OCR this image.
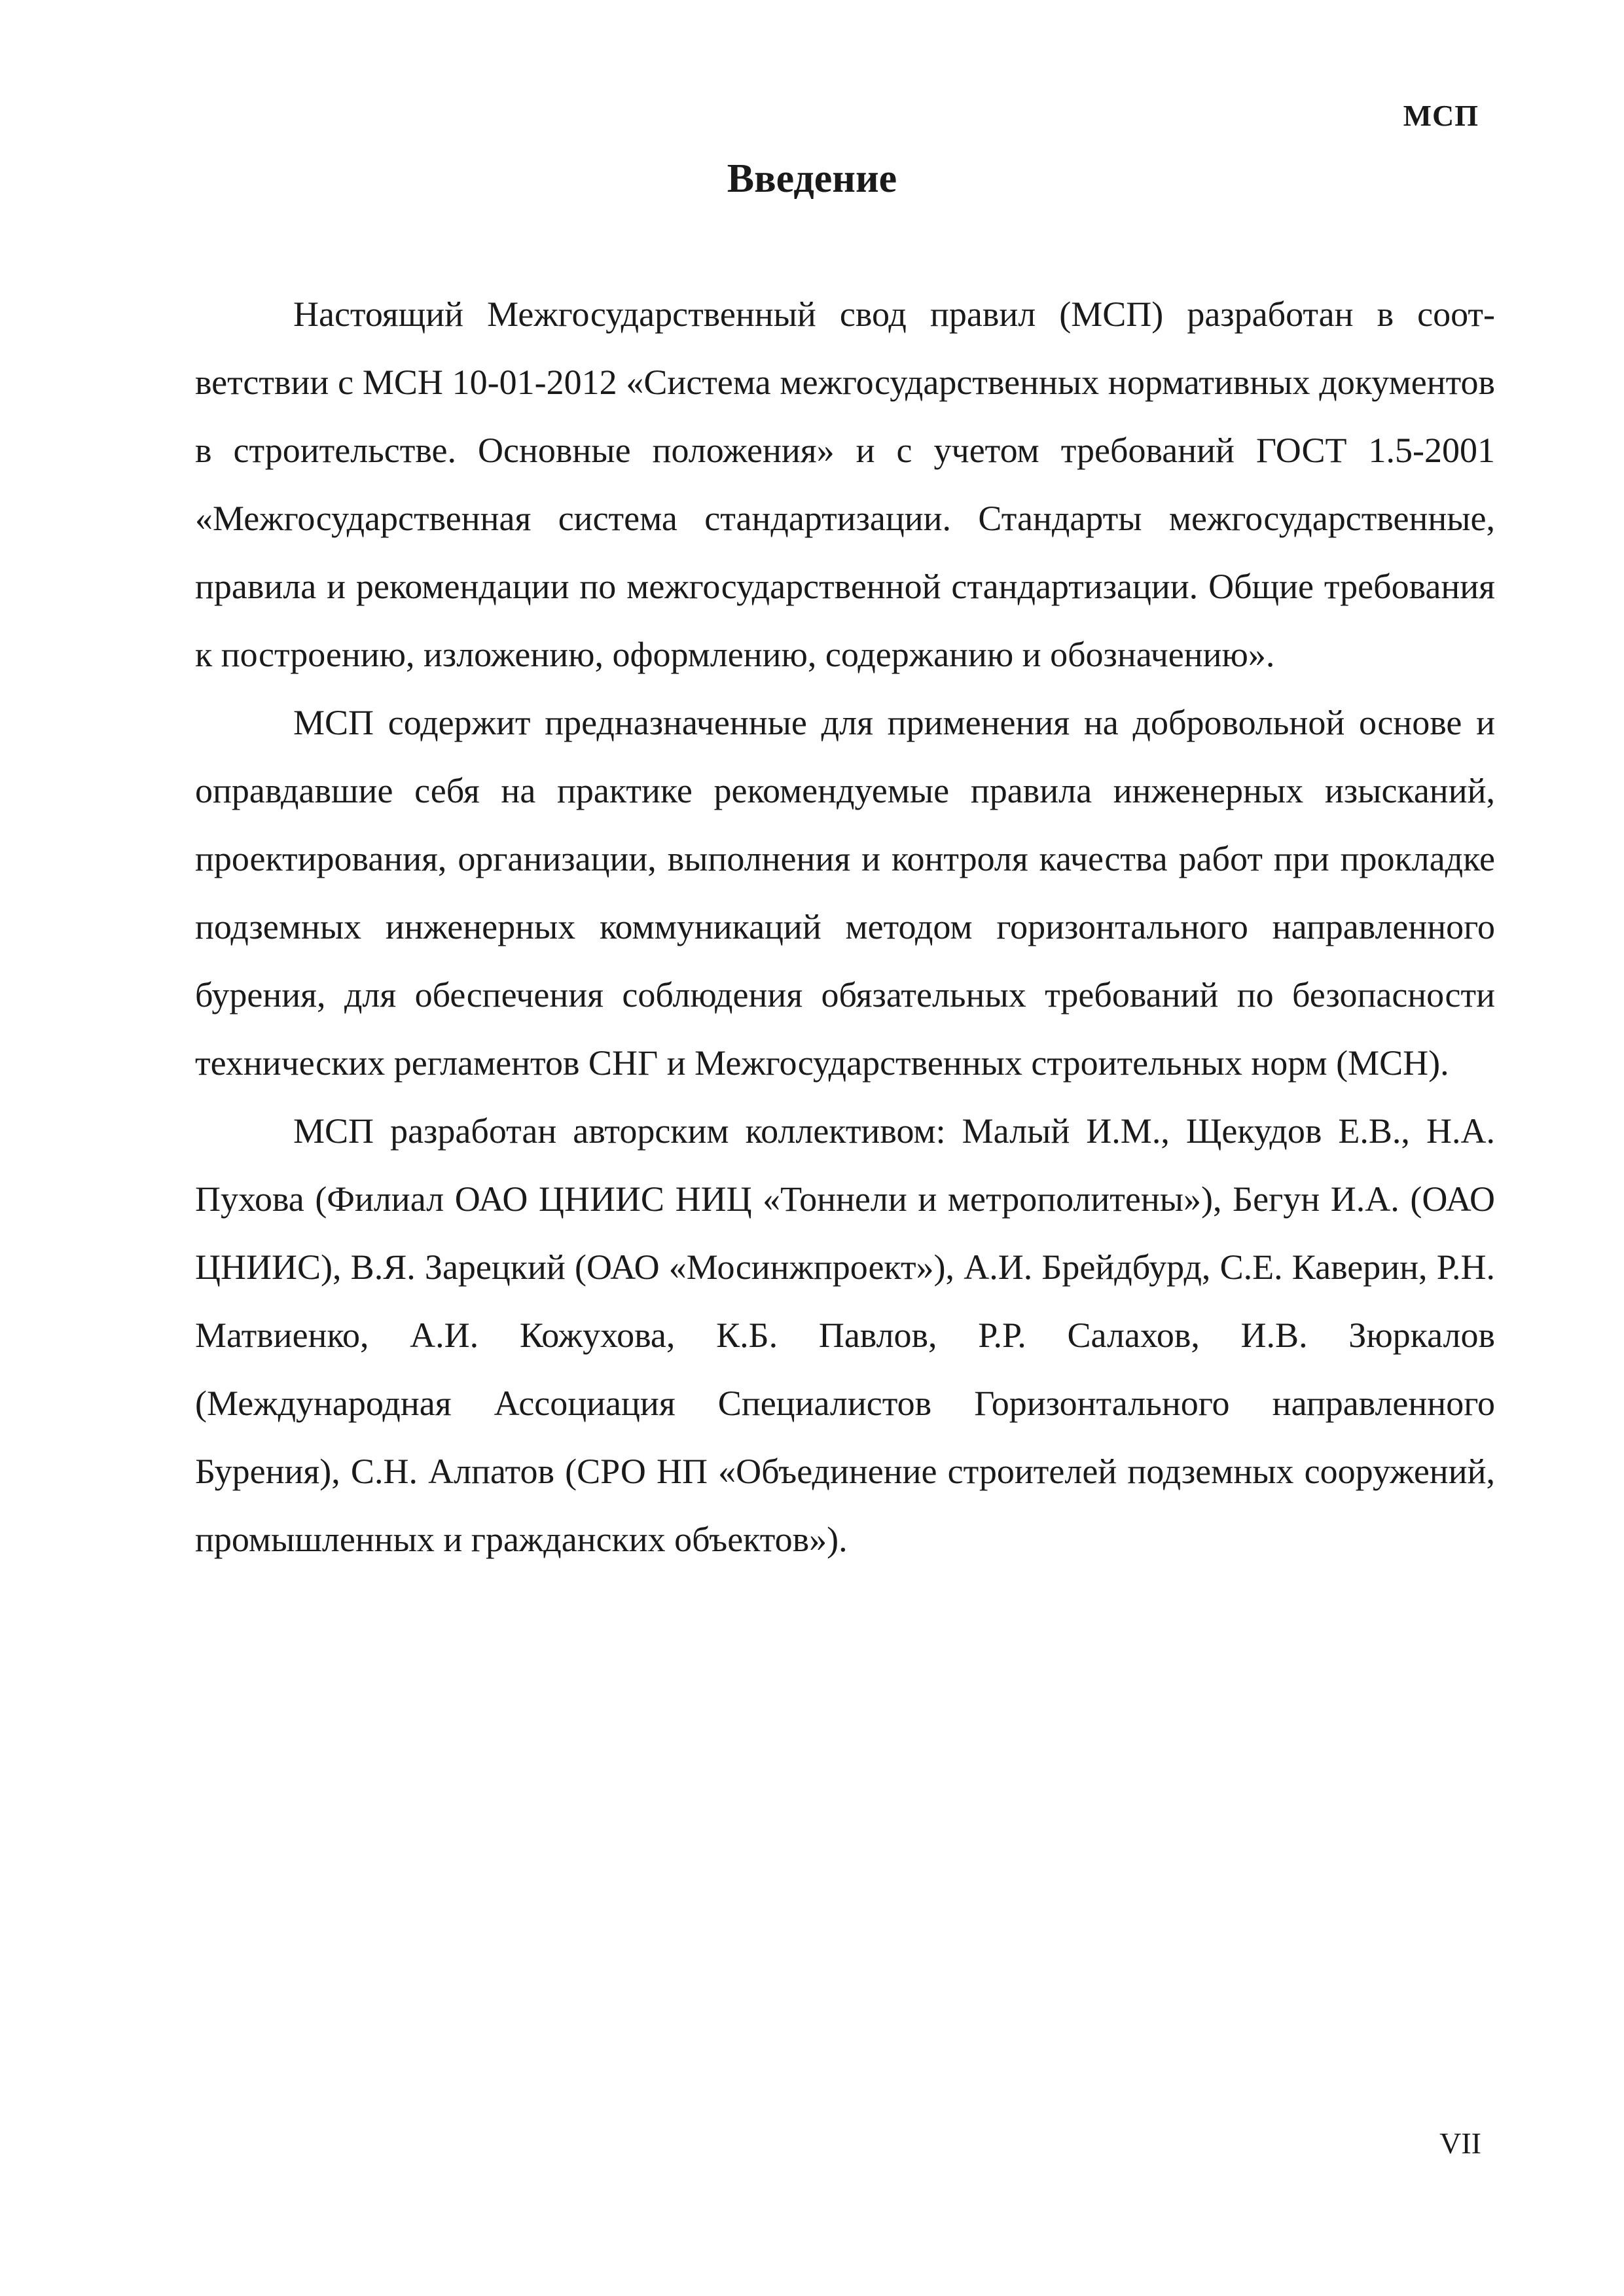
МСП
Введение

Настоящий Межгосударственный свод правил (МСП) разработан в соответствии с МСН 10-01-2012 «Система межгосударственных нормативных документов в строительстве. Основные положения» и с учетом требований ГОСТ 1.5-2001 «Межгосударственная система стандартизации. Стандарты межгосударственные, правила и рекомендации по межгосударственной стандартизации. Общие требования к построению, изложению, оформлению, содержанию и обозначению».

МСП содержит предназначенные для применения на добровольной основе и оправдавшие себя на практике рекомендуемые правила инженерных изысканий, проектирования, организации, выполнения и контроля качества работ при прокладке подземных инженерных коммуникаций методом горизонтального направленного бурения, для обеспечения соблюдения обязательных требований по безопасности технических регламентов СНГ и Межгосударственных строительных норм (МСН).

МСП разработан авторским коллективом: Малый И.М., Щекудов Е.В., Н.А. Пухова (Филиал ОАО ЦНИИС НИЦ «Тоннели и метрополитены»), Бегун И.А. (ОАО ЦНИИС), В.Я. Зарецкий (ОАО «Мосинжпроект»), А.И. Брейдбурд, С.Е. Каверин, Р.Н. Матвиенко, А.И. Кожухова, К.Б. Павлов, Р.Р. Салахов, И.В. Зюркалов (Международная Ассоциация Специалистов Горизонтального направленного Бурения), С.Н. Алпатов (СРО НП «Объединение строителей подземных сооружений, промышленных и гражданских объектов»).

VII
